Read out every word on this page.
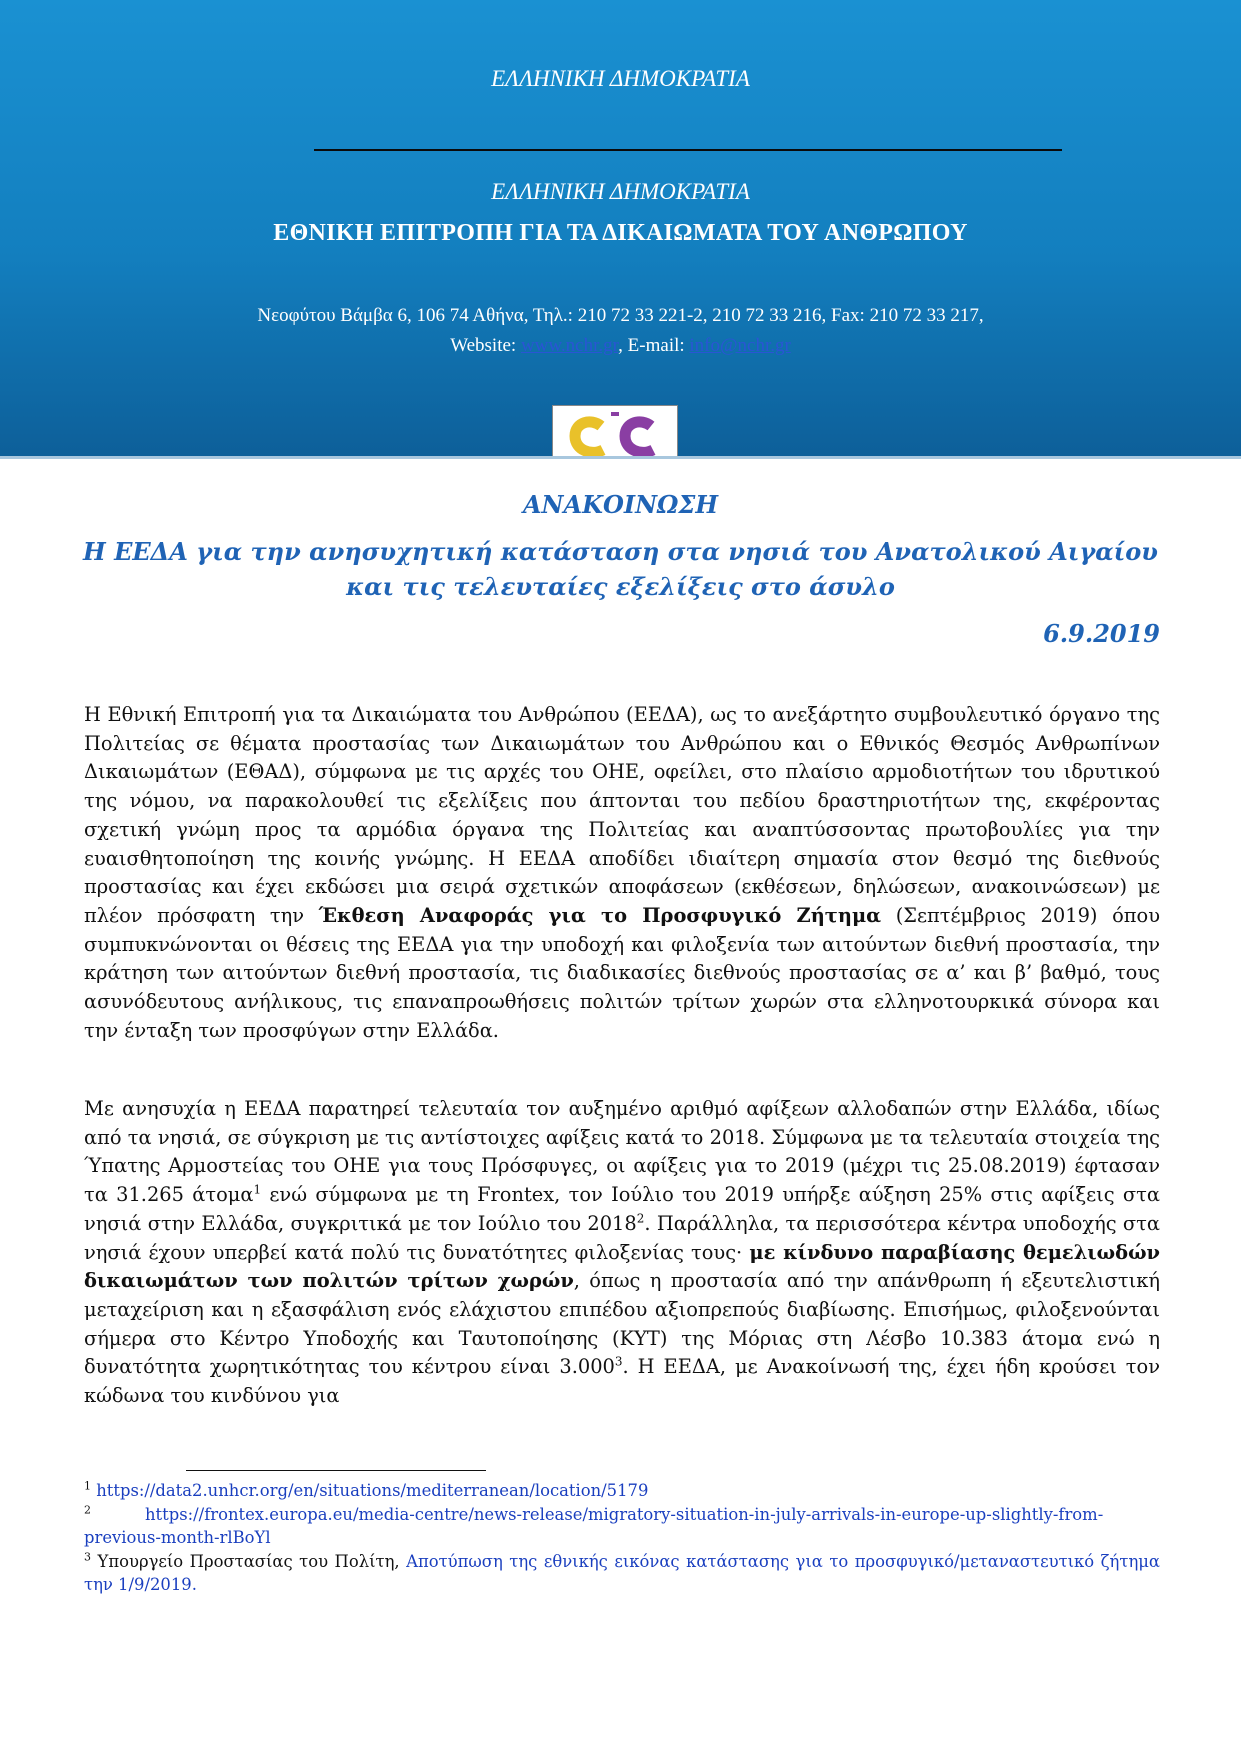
ΕΛΛΗΝΙΚΗ ΔΗΜΟΚΡΑΤΙΑ
ΕΛΛΗΝΙΚΗ ΔΗΜΟΚΡΑΤΙΑ
ΕΘΝΙΚΗ ΕΠΙΤΡΟΠΗ ΓΙΑ ΤΑ ΔΙΚΑΙΩΜΑΤΑ ΤΟΥ ΑΝΘΡΩΠΟΥ
Νεοφύτου Βάμβα 6, 106 74 Αθήνα, Τηλ.: 210 72 33 221-2, 210 72 33 216, Fax: 210 72 33 217,
Website: www.nchr.gr, E-mail: info@nchr.gr
ΑΝΑΚΟΙΝΩΣΗ
Η ΕΕΔΑ για την ανησυχητική κατάσταση στα νησιά του Ανατολικού Αιγαίου
και τις τελευταίες εξελίξεις στο άσυλο
6.9.2019

Η Εθνική Επιτροπή για τα Δικαιώματα του Ανθρώπου (ΕΕΔΑ), ως το ανεξάρτητο συμβουλευτικό όργανο της Πολιτείας σε θέματα προστασίας των Δικαιωμάτων του Ανθρώπου και ο Εθνικός Θεσμός Ανθρωπίνων Δικαιωμάτων (ΕΘΑΔ), σύμφωνα με τις αρχές του ΟΗΕ, οφείλει, στο πλαίσιο αρμοδιοτήτων του ιδρυτικού της νόμου, να παρακολουθεί τις εξελίξεις που άπτονται του πεδίου δραστηριοτήτων της, εκφέροντας σχετική γνώμη προς τα αρμόδια όργανα της Πολιτείας και αναπτύσσοντας πρωτοβουλίες για την ευαισθητοποίηση της κοινής γνώμης. Η ΕΕΔΑ αποδίδει ιδιαίτερη σημασία στον θεσμό της διεθνούς προστασίας και έχει εκδώσει μια σειρά σχετικών αποφάσεων (εκθέσεων, δηλώσεων, ανακοινώσεων) με πλέον πρόσφατη την Έκθεση Αναφοράς για το Προσφυγικό Ζήτημα (Σεπτέμβριος 2019) όπου συμπυκνώνονται οι θέσεις της ΕΕΔΑ για την υποδοχή και φιλοξενία των αιτούντων διεθνή προστασία, την κράτηση των αιτούντων διεθνή προστασία, τις διαδικασίες διεθνούς προστασίας σε α’ και β’ βαθμό, τους ασυνόδευτους ανήλικους, τις επαναπροωθήσεις πολιτών τρίτων χωρών στα ελληνοτουρκικά σύνορα και την ένταξη των προσφύγων στην Ελλάδα.

Με ανησυχία η ΕΕΔΑ παρατηρεί τελευταία τον αυξημένο αριθμό αφίξεων αλλοδαπών στην Ελλάδα, ιδίως από τα νησιά, σε σύγκριση με τις αντίστοιχες αφίξεις κατά το 2018. Σύμφωνα με τα τελευταία στοιχεία της Ύπατης Αρμοστείας του ΟΗΕ για τους Πρόσφυγες, οι αφίξεις για το 2019 (μέχρι τις 25.08.2019) έφτασαν τα 31.265 άτομα$^1$ ενώ σύμφωνα με τη Frontex, τον Ιούλιο του 2019 υπήρξε αύξηση 25% στις αφίξεις στα νησιά στην Ελλάδα, συγκριτικά με τον Ιούλιο του 2018$^2$. Παράλληλα, τα περισσότερα κέντρα υποδοχής στα νησιά έχουν υπερβεί κατά πολύ τις δυνατότητες φιλοξενίας τους· με κίνδυνο παραβίασης θεμελιωδών δικαιωμάτων των πολιτών τρίτων χωρών, όπως η προστασία από την απάνθρωπη ή εξευτελιστική μεταχείριση και η εξασφάλιση ενός ελάχιστου επιπέδου αξιοπρεπούς διαβίωσης. Επισήμως, φιλοξενούνται σήμερα στο Κέντρο Υποδοχής και Ταυτοποίησης (ΚΥΤ) της Μόριας στη Λέσβο 10.383 άτομα ενώ η δυνατότητα χωρητικότητας του κέντρου είναι 3.000$^3$. Η ΕΕΔΑ, με Ανακοίνωσή της, έχει ήδη κρούσει τον κώδωνα του κινδύνου για

$^1$ https://data2.unhcr.org/en/situations/mediterranean/location/5179
$^2$	https://frontex.europa.eu/media-centre/news-release/migratory-situation-in-july-arrivals-in-europe-up-slightly-from-previous-month-rlBoYl
$^3$ Υπουργείο Προστασίας του Πολίτη, Αποτύπωση της εθνικής εικόνας κατάστασης για το προσφυγικό/μεταναστευτικό ζήτημα την 1/9/2019.
